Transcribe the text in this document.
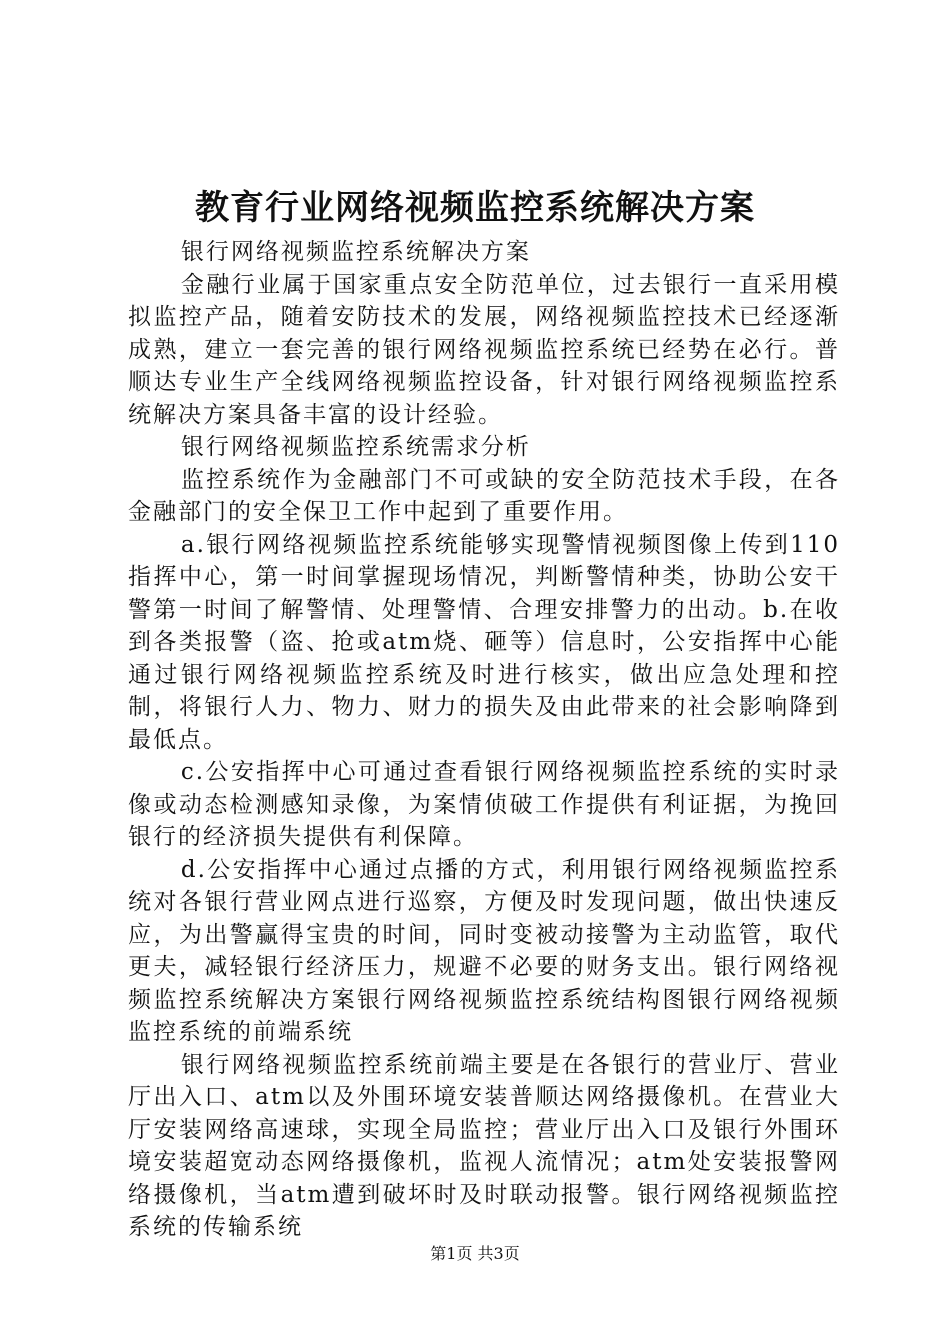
教育行业网络视频监控系统解决方案

银行网络视频监控系统解决方案

金融行业属于国家重点安全防范单位，过去银行一直采用模拟监控产品，随着安防技术的发展，网络视频监控技术已经逐渐成熟，建立一套完善的银行网络视频监控系统已经势在必行。普顺达专业生产全线网络视频监控设备，针对银行网络视频监控系统解决方案具备丰富的设计经验。

银行网络视频监控系统需求分析

监控系统作为金融部门不可或缺的安全防范技术手段，在各金融部门的安全保卫工作中起到了重要作用。

a.银行网络视频监控系统能够实现警情视频图像上传到110指挥中心，第一时间掌握现场情况，判断警情种类，协助公安干警第一时间了解警情、处理警情、合理安排警力的出动。b.在收到各类报警（盗、抢或atm烧、砸等）信息时，公安指挥中心能通过银行网络视频监控系统及时进行核实，做出应急处理和控制，将银行人力、物力、财力的损失及由此带来的社会影响降到最低点。

c.公安指挥中心可通过查看银行网络视频监控系统的实时录像或动态检测感知录像，为案情侦破工作提供有利证据，为挽回银行的经济损失提供有利保障。

d.公安指挥中心通过点播的方式，利用银行网络视频监控系统对各银行营业网点进行巡察，方便及时发现问题，做出快速反应，为出警赢得宝贵的时间，同时变被动接警为主动监管，取代更夫，减轻银行经济压力，规避不必要的财务支出。银行网络视频监控系统解决方案银行网络视频监控系统结构图银行网络视频监控系统的前端系统

银行网络视频监控系统前端主要是在各银行的营业厅、营业厅出入口、atm以及外围环境安装普顺达网络摄像机。在营业大厅安装网络高速球，实现全局监控；营业厅出入口及银行外围环境安装超宽动态网络摄像机，监视人流情况；atm处安装报警网络摄像机，当atm遭到破坏时及时联动报警。银行网络视频监控系统的传输系统

第1页 共3页
